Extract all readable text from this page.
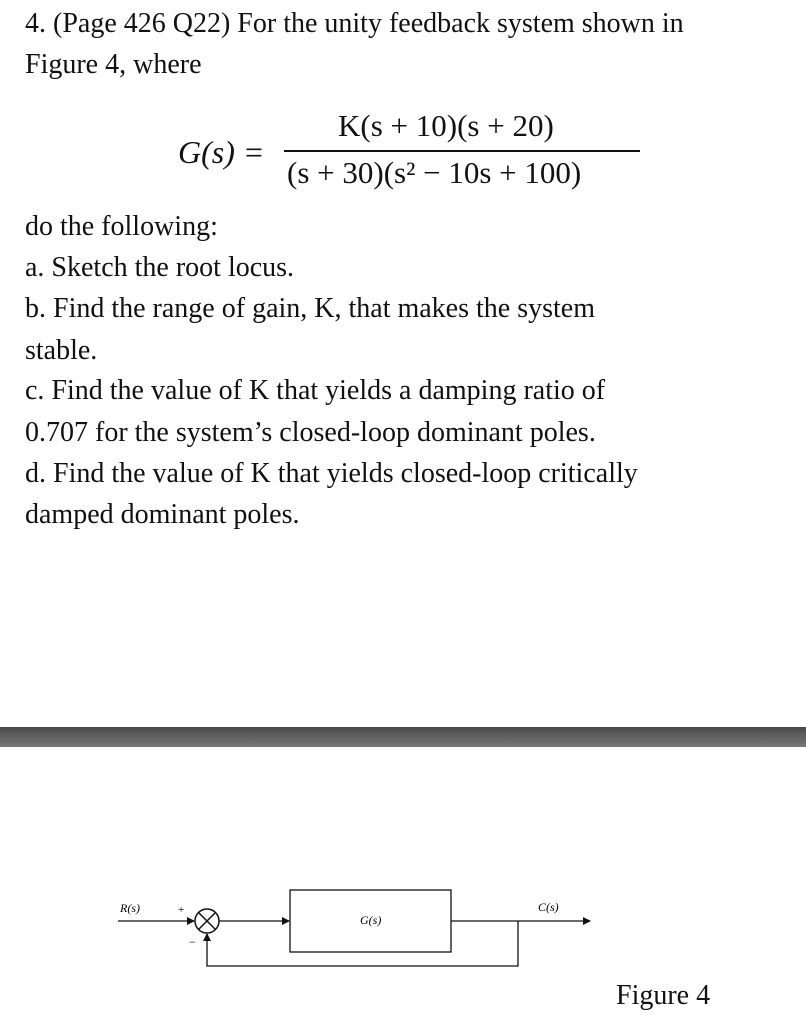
4. (Page 426 Q22) For the unity feedback system shown in
Figure 4, where
G(s) =
K(s + 10)(s + 20)
(s + 30)(s² − 10s + 100)
do the following:
a. Sketch the root locus.
b. Find the range of gain, K, that makes the system
stable.
c. Find the value of K that yields a damping ratio of
0.707 for the system’s closed-loop dominant poles.
d. Find the value of K that yields closed-loop critically
damped dominant poles.
R(s)	+
−
G(s)
C(s)
Figure 4
